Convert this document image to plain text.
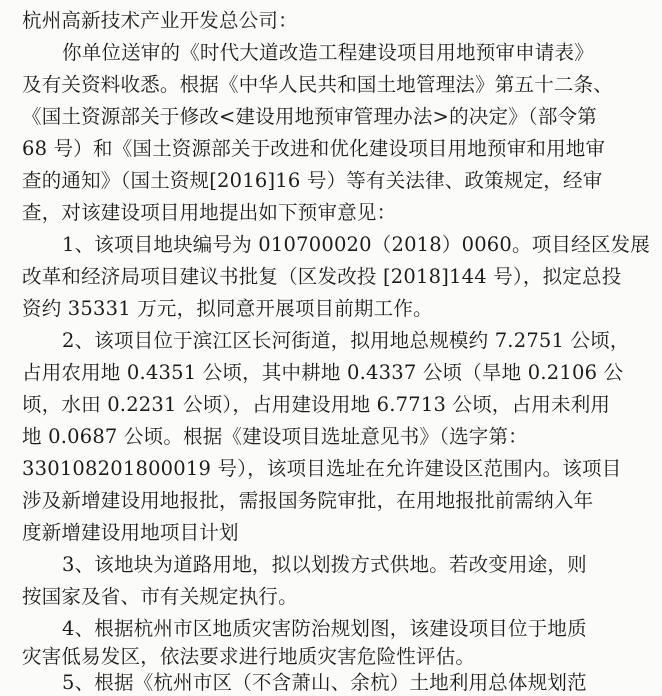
杭州高新技术产业开发总公司：
你单位送审的《时代大道改造工程建设项目用地预审申请表》
及有关资料收悉。根据《中华人民共和国土地管理法》第五十二条、
《国土资源部关于修改<建设用地预审管理办法>的决定》（部令第
68 号）和《国土资源部关于改进和优化建设项目用地预审和用地审
查的通知》（国土资规[2016]16 号）等有关法律、政策规定，经审
查，对该建设项目用地提出如下预审意见：
1、该项目地块编号为 010700020（2018）0060。项目经区发展
改革和经济局项目建议书批复（区发改投 [2018]144 号），拟定总投
资约 35331 万元，拟同意开展项目前期工作。
2、该项目位于滨江区长河街道，拟用地总规模约 7.2751 公顷，
占用农用地 0.4351 公顷，其中耕地 0.4337 公顷（旱地 0.2106 公
顷，水田 0.2231 公顷），占用建设用地 6.7713 公顷，占用未利用
地 0.0687 公顷。根据《建设项目选址意见书》（选字第：
330108201800019 号），该项目选址在允许建设区范围内。该项目
涉及新增建设用地报批，需报国务院审批，在用地报批前需纳入年
度新增建设用地项目计划
3、该地块为道路用地，拟以划拨方式供地。若改变用途，则
按国家及省、市有关规定执行。
4、根据杭州市区地质灾害防治规划图，该建设项目位于地质
灾害低易发区，依法要求进行地质灾害危险性评估。
5、根据《杭州市区（不含萧山、余杭）土地利用总体规划范
